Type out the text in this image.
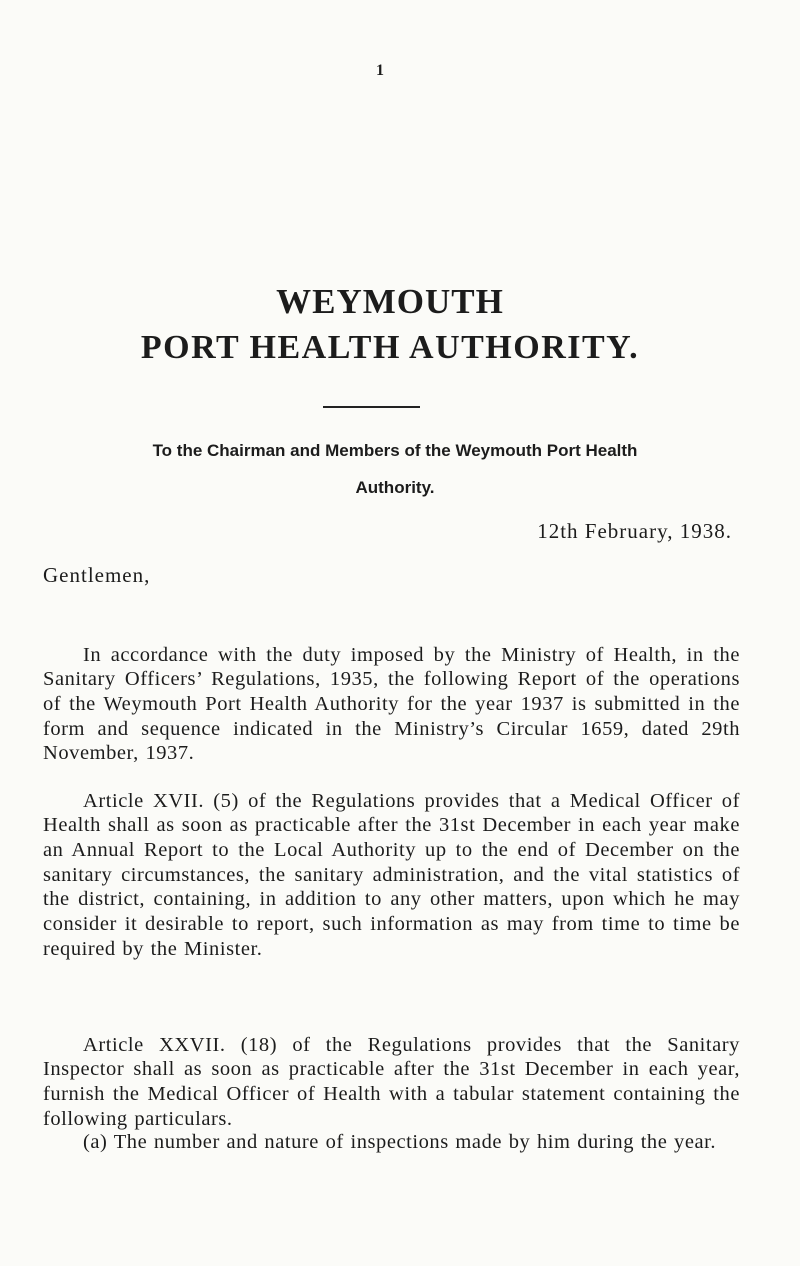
1
WEYMOUTH
PORT HEALTH AUTHORITY.
To the Chairman and Members of the Weymouth Port Health
Authority.
12th February, 1938.
Gentlemen,

In accordance with the duty imposed by the Ministry of Health, in the Sanitary Officers’ Regulations, 1935, the following Report of the operations of the Weymouth Port Health Authority for the year 1937 is submitted in the form and sequence indicated in the Ministry’s Circular 1659, dated 29th November, 1937.

Article XVII. (5) of the Regulations provides that a Medical Officer of Health shall as soon as practicable after the 31st December in each year make an Annual Report to the Local Authority up to the end of December on the sanitary circumstances, the sanitary administration, and the vital statistics of the district, containing, in addition to any other matters, upon which he may consider it desirable to report, such information as may from time to time be required by the Minister.

Article XXVII. (18) of the Regulations provides that the Sanitary Inspector shall as soon as practicable after the 31st December in each year, furnish the Medical Officer of Health with a tabular statement containing the following particulars.

(a) The number and nature of inspections made by him during the year.
